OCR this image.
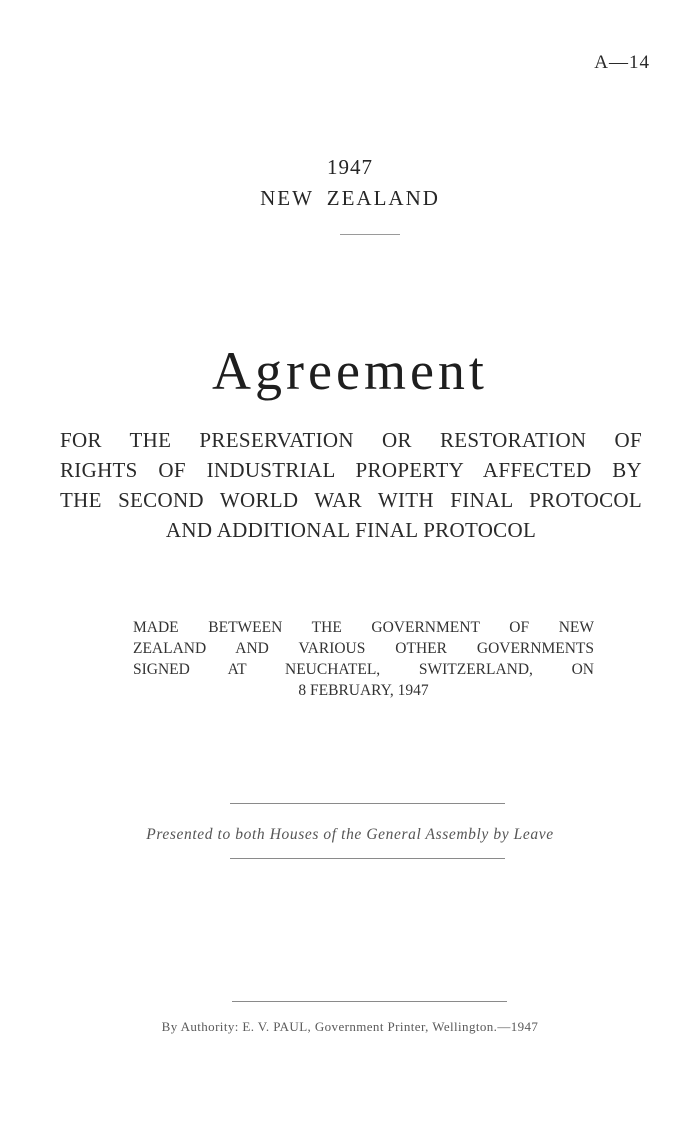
A—14
1947
NEW ZEALAND
Agreement
FOR THE PRESERVATION OR RESTORATION OF
RIGHTS OF INDUSTRIAL PROPERTY AFFECTED BY
THE SECOND WORLD WAR WITH FINAL PROTOCOL
AND ADDITIONAL FINAL PROTOCOL
MADE BETWEEN THE GOVERNMENT OF NEW
ZEALAND AND VARIOUS OTHER GOVERNMENTS
SIGNED AT NEUCHATEL, SWITZERLAND, ON
8 FEBRUARY, 1947
Presented to both Houses of the General Assembly by Leave
By Authority: E. V. PAUL, Government Printer, Wellington.—1947
